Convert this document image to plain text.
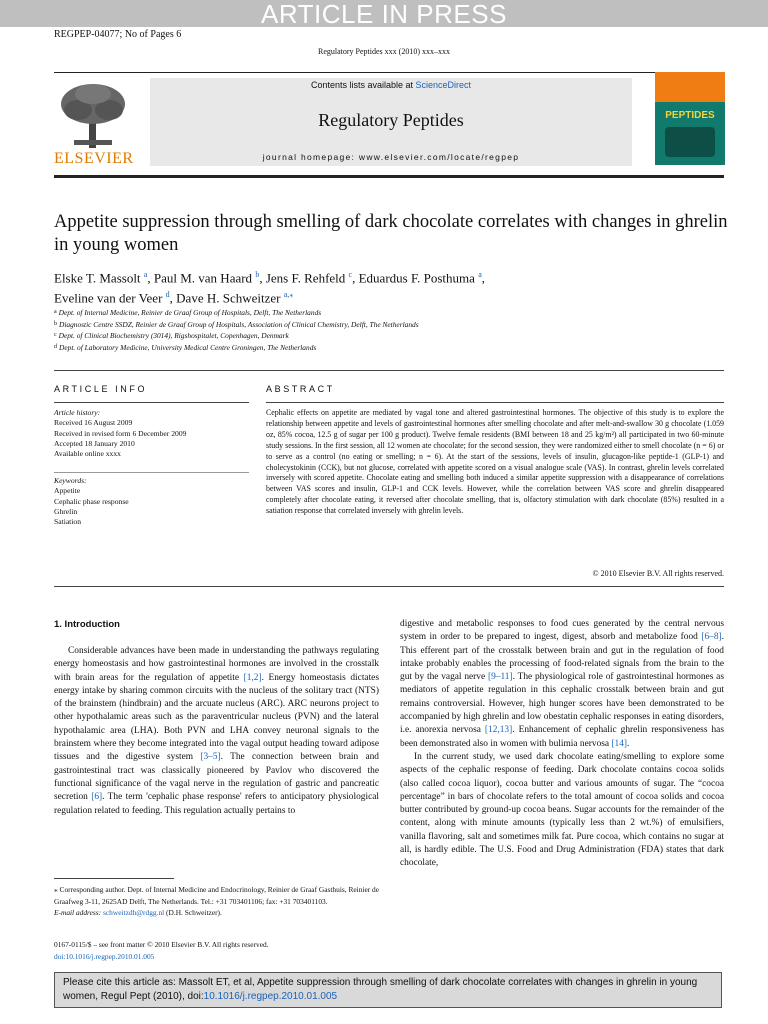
ARTICLE IN PRESS
REGPEP-04077; No of Pages 6
Regulatory Peptides xxx (2010) xxx–xxx
ELSEVIER
Contents lists available at ScienceDirect
Regulatory Peptides
journal homepage: www.elsevier.com/locate/regpep
PEPTIDES
Appetite suppression through smelling of dark chocolate correlates with changes in ghrelin in young women
Elske T. Massolt $^a$, Paul M. van Haard $^b$, Jens F. Rehfeld $^c$, Eduardus F. Posthuma $^a$,
Eveline van der Veer $^d$, Dave H. Schweitzer $^{a,⁎}$
$^a$ Dept. of Internal Medicine, Reinier de Graaf Group of Hospitals, Delft, The Netherlands
$^b$ Diagnostic Centre SSDZ, Reinier de Graaf Group of Hospitals, Association of Clinical Chemistry, Delft, The Netherlands
$^c$ Dept. of Clinical Biochemistry (3014), Rigshospitalet, Copenhagen, Denmark
$^d$ Dept. of Laboratory Medicine, University Medical Centre Groningen, The Netherlands
ARTICLE INFO	ABSTRACT
Article history:
Received 16 August 2009
Received in revised form 6 December 2009
Accepted 18 January 2010
Available online xxxx
Keywords:
Appetite
Cephalic phase response
Ghrelin
Satiation
Cephalic effects on appetite are mediated by vagal tone and altered gastrointestinal hormones. The objective of this study is to explore the relationship between appetite and levels of gastrointestinal hormones after smelling chocolate and after melt-and-swallow 30 g chocolate (1.059 oz, 85% cocoa, 12.5 g of sugar per 100 g product). Twelve female residents (BMI between 18 and 25 kg/m²) all participated in two 60-minute study sessions. In the first session, all 12 women ate chocolate; for the second session, they were randomized either to smell chocolate (n = 6) or to serve as a control (no eating or smelling; n = 6). At the start of the sessions, levels of insulin, glucagon-like peptide-1 (GLP-1) and cholecystokinin (CCK), but not glucose, correlated with appetite scored on a visual analogue scale (VAS). In contrast, ghrelin levels correlated inversely with scored appetite. Chocolate eating and smelling both induced a similar appetite suppression with a disappearance of correlations between VAS scores and insulin, GLP-1 and CCK levels. However, while the correlation between VAS score and ghrelin disappeared completely after chocolate eating, it reversed after chocolate smelling, that is, olfactory stimulation with dark chocolate (85%) resulted in a satiation response that correlated inversely with ghrelin levels.
© 2010 Elsevier B.V. All rights reserved.
1. Introduction

Considerable advances have been made in understanding the pathways regulating energy homeostasis and how gastrointestinal hormones are involved in the crosstalk with brain areas for the regulation of appetite [1,2]. Energy homeostasis dictates energy intake by sharing common circuits with the nucleus of the solitary tract (NTS) of the brainstem (hindbrain) and the arcuate nucleus (ARC). ARC neurons project to other hypothalamic areas such as the paraventricular nucleus (PVN) and the lateral hypothalamic area (LHA). Both PVN and LHA convey neuronal signals to the brainstem where they become integrated into the vagal output heading toward adipose tissues and the digestive system [3–5]. The connection between brain and gastrointestinal tract was classically pioneered by Pavlov who discovered the functional significance of the vagal nerve in the regulation of gastric and pancreatic secretion [6]. The term 'cephalic phase response' refers to anticipatory physiological regulation related to feeding. This regulation actually pertains to

digestive and metabolic responses to food cues generated by the central nervous system in order to be prepared to ingest, digest, absorb and metabolize food [6–8]. This efferent part of the crosstalk between brain and gut in the regulation of food intake probably enables the processing of food-related signals from the brain to the gut by the vagal nerve [9–11]. The physiological role of gastrointestinal hormones as mediators of appetite regulation in this cephalic crosstalk between brain and gut remains controversial. However, high hunger scores have been demonstrated to be accompanied by high ghrelin and low obestatin cephalic responses in eating disorders, i.e. anorexia nervosa [12,13]. Enhancement of cephalic ghrelin responsiveness has been demonstrated also in women with bulimia nervosa [14].

In the current study, we used dark chocolate eating/smelling to explore some aspects of the cephalic response of feeding. Dark chocolate contains cocoa solids (also called cocoa liquor), cocoa butter and various amounts of sugar. The “cocoa percentage” in bars of chocolate refers to the total amount of cocoa solids and cocoa butter contributed by ground-up cocoa beans. Sugar accounts for the remainder of the content, along with minute amounts (typically less than 2 wt.%) of emulsifiers, vanilla flavoring, salt and sometimes milk fat. Pure cocoa, which contains no sugar at all, is hardly edible. The U.S. Food and Drug Administration (FDA) states that dark chocolate,

⁎ Corresponding author. Dept. of Internal Medicine and Endocrinology, Reinier de Graaf Gasthuis, Reinier de Graafweg 3-11, 2625AD Delft, The Netherlands. Tel.: +31 703401106; fax: +31 703401103.
E-mail address: schweitzdh@rdgg.nl (D.H. Schweitzer).
0167-0115/$ – see front matter © 2010 Elsevier B.V. All rights reserved.
doi:10.1016/j.regpep.2010.01.005
Please cite this article as: Massolt ET, et al, Appetite suppression through smelling of dark chocolate correlates with changes in ghrelin in young women, Regul Pept (2010), doi:10.1016/j.regpep.2010.01.005
